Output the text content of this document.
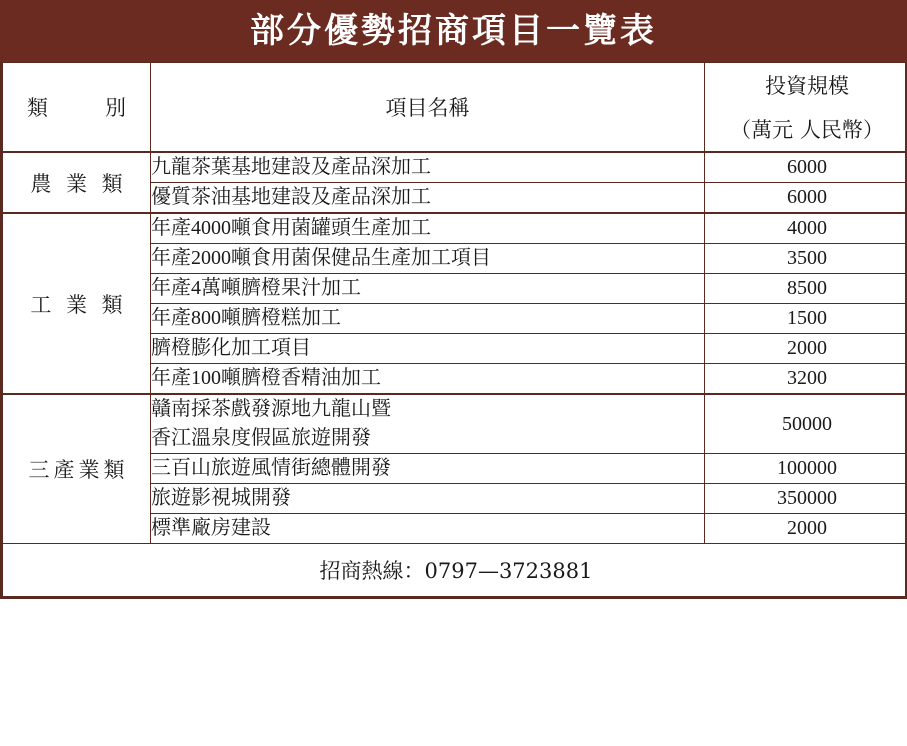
部分優勢招商項目一覽表
類　別	項目名稱	投資規模
（萬元 人民幣）

農 業 類	九龍茶葉基地建設及產品深加工	6000

	優質茶油基地建設及產品深加工	6000
工 業 類	年產4000噸食用菌罐頭生產加工	4000

	年產2000噸食用菌保健品生產加工項目	3500

	年產4萬噸臍橙果汁加工	8500

	年產800噸臍橙糕加工	1500

	臍橙膨化加工項目	2000

	年產100噸臍橙香精油加工	3200
三產業類	贛南採茶戲發源地九龍山暨
香江溫泉度假區旅遊開發	50000

	三百山旅遊風情街總體開發	100000

	旅遊影視城開發	350000

	標準廠房建設	2000
招商熱線：0797—3723881		
